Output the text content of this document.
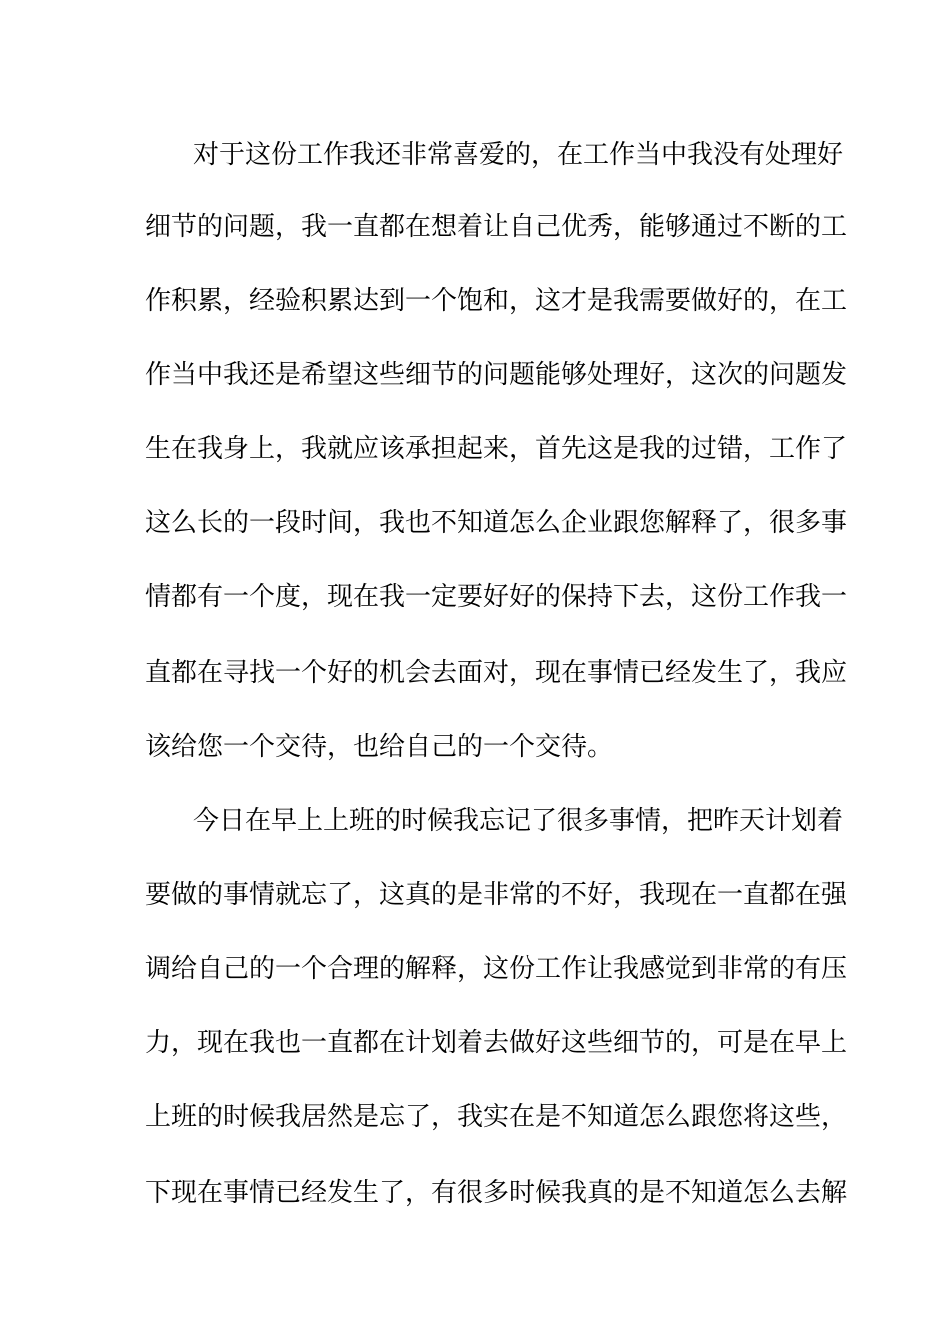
对于这份工作我还非常喜爱的，在工作当中我没有处理好
细节的问题，我一直都在想着让自己优秀，能够通过不断的工
作积累，经验积累达到一个饱和，这才是我需要做好的，在工
作当中我还是希望这些细节的问题能够处理好，这次的问题发
生在我身上，我就应该承担起来，首先这是我的过错，工作了
这么长的一段时间，我也不知道怎么企业跟您解释了，很多事
情都有一个度，现在我一定要好好的保持下去，这份工作我一
直都在寻找一个好的机会去面对，现在事情已经发生了，我应
该给您一个交待，也给自己的一个交待。
今日在早上上班的时候我忘记了很多事情，把昨天计划着
要做的事情就忘了，这真的是非常的不好，我现在一直都在强
调给自己的一个合理的解释，这份工作让我感觉到非常的有压
力，现在我也一直都在计划着去做好这些细节的，可是在早上
上班的时候我居然是忘了，我实在是不知道怎么跟您将这些，
下现在事情已经发生了，有很多时候我真的是不知道怎么去解
